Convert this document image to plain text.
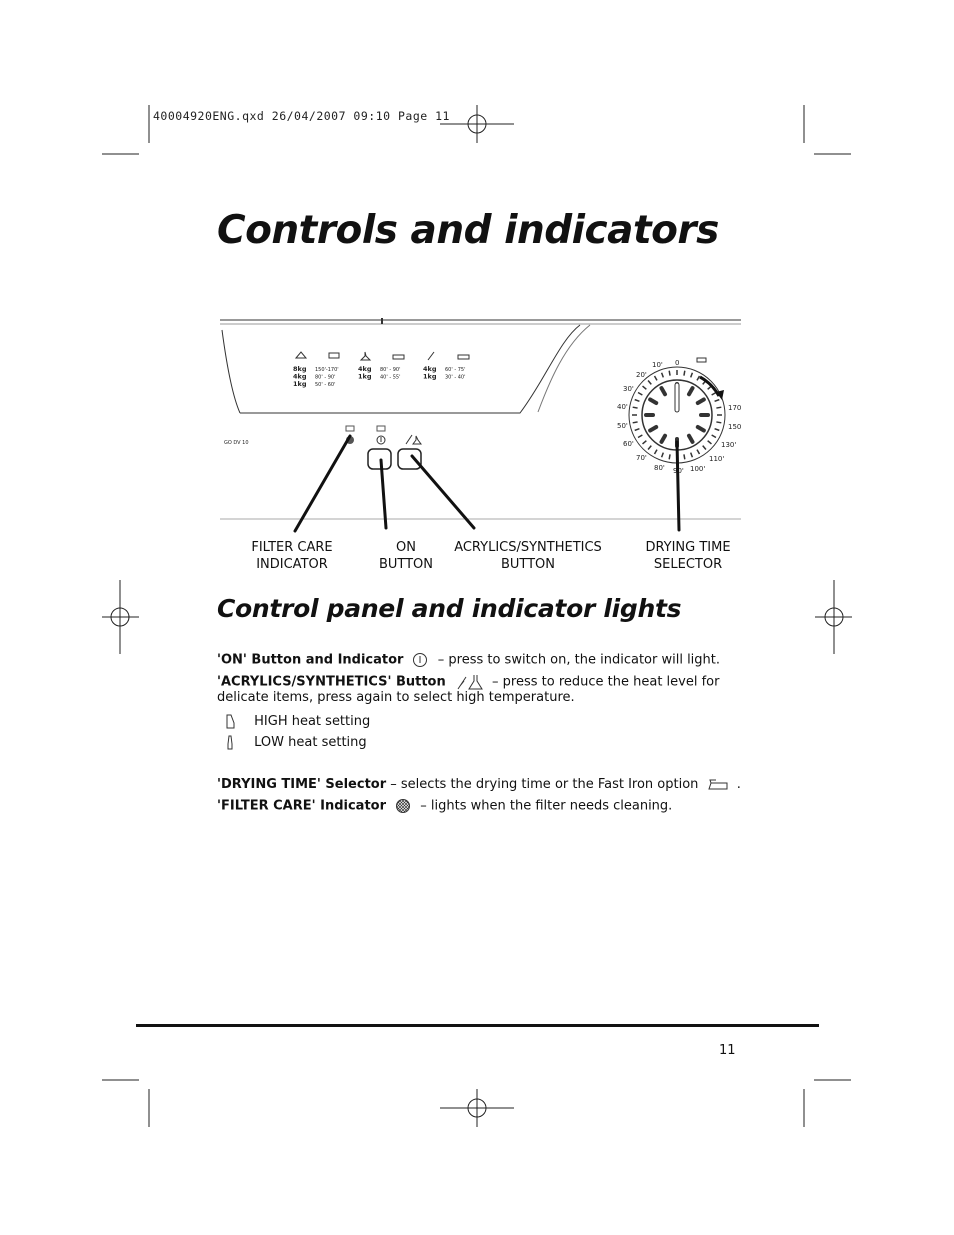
40004920ENG.qxd 26/04/2007 09:10 Page 11
Controls and indicators
8kg 150'-170'
4kg 80' - 90'
1kg 50' - 60'
4kg 80' - 90'
1kg 40' - 55'
4kg 60' - 75'
1kg 30' - 40'
GO DV 10
10' 0
20'
30'
40'
50'
60'
70'
80' 90' 100'
110'
130'
150
170
FILTER CARE
INDICATOR
ON
BUTTON
ACRYLICS/SYNTHETICS
BUTTON
DRYING TIME
SELECTOR
Control panel and indicator lights
'ON' Button and Indicator	– press to switch on, the indicator will light.
'ACRYLICS/SYNTHETICS' Button	– press to reduce the heat level for
delicate items, press again to select high temperature.
HIGH heat setting
LOW heat setting
'DRYING TIME' Selector – selects the drying time or the Fast Iron option	.
'FILTER CARE' Indicator	– lights when the filter needs cleaning.
11
